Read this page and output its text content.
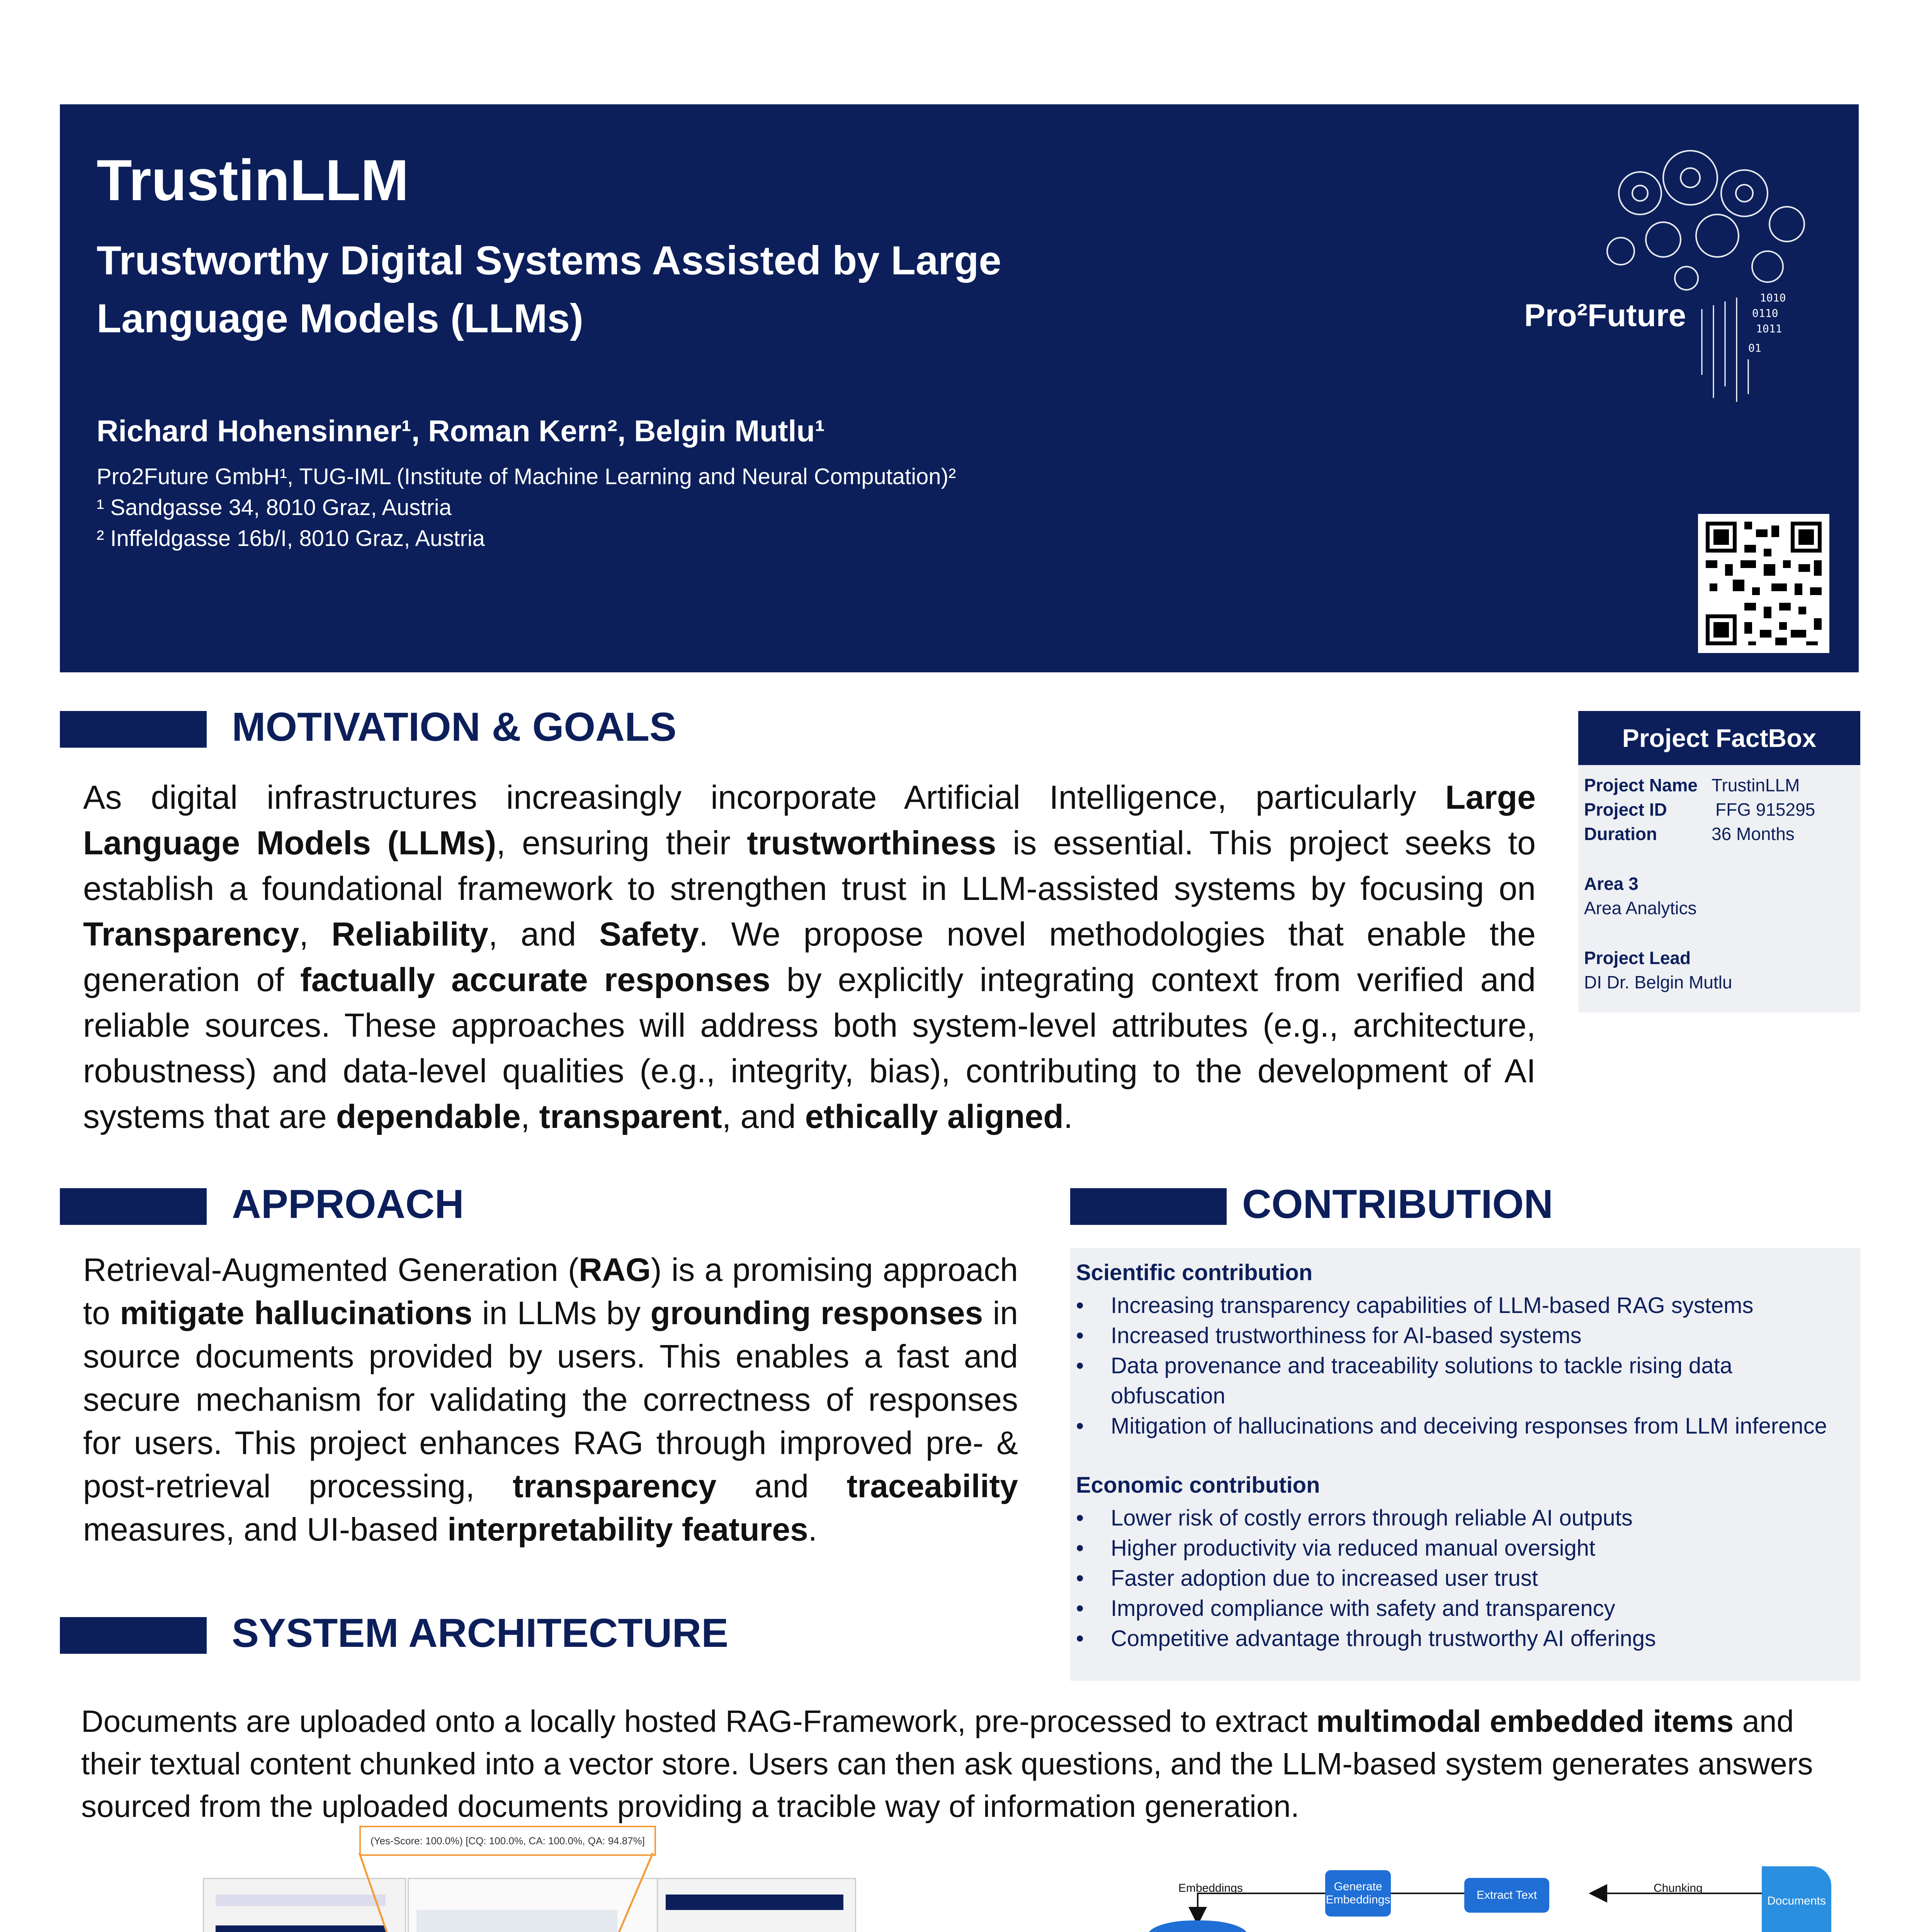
TrustinLLM
Trustworthy Digital Systems Assisted by Large Language Models (LLMs)
Richard Hohensinner¹, Roman Kern², Belgin Mutlu¹
Pro2Future GmbH¹, TUG-IML (Institute of Machine Learning and Neural Computation)²
¹ Sandgasse 34, 8010 Graz, Austria
² Inffeldgasse 16b/I, 8010 Graz, Austria
1010
0110
1011
01
Pro²Future
MOTIVATION & GOALS
As digital infrastructures increasingly incorporate Artificial Intelligence, particularly Large Language Models (LLMs), ensuring their trustworthiness is essential. This project seeks to establish a foundational framework to strengthen trust in LLM-assisted systems by focusing on Transparency, Reliability, and Safety. We propose novel methodologies that enable the generation of factually accurate responses by explicitly integrating context from verified and reliable sources. These approaches will address both system-level attributes (e.g., architecture, robustness) and data-level qualities (e.g., integrity, bias), contributing to the development of AI systems that are dependable, transparent, and ethically aligned.
Project FactBox
Project Name TrustinLLM
Project ID	FFG 915295
Duration	36 Months
Area 3
Area Analytics
Project Lead
DI Dr. Belgin Mutlu
APPROACH
Retrieval-Augmented Generation (RAG) is a promising approach to mitigate hallucinations in LLMs by grounding responses in source documents provided by users. This enables a fast and secure mechanism for validating the correctness of responses for users. This project enhances RAG through improved pre- & post-retrieval processing, transparency and traceability measures, and UI-based interpretability features.
CONTRIBUTION
Scientific contribution
• Increasing transparency capabilities of LLM-based RAG systems
• Increased trustworthiness for AI-based systems
• Data provenance and traceability solutions to tackle rising data obfuscation
• Mitigation of hallucinations and deceiving responses from LLM inference
Economic contribution
• Lower risk of costly errors through reliable AI outputs
• Higher productivity via reduced manual oversight
• Faster adoption due to increased user trust
• Improved compliance with safety and transparency
• Competitive advantage through trustworthy AI offerings
SYSTEM ARCHITECTURE
Documents are uploaded onto a locally hosted RAG-Framework, pre-processed to extract multimodal embedded items and their textual content chunked into a vector store. Users can then ask questions, and the LLM-based system generates answers sourced from the uploaded documents providing a tracible way of information generation.
(Yes-Score: 100.0%) [CQ: 100.0%, CA: 100.0%, QA: 94.87%]
Embeddings	Chunking
Generate Embeddings	Extract Text	Documents
